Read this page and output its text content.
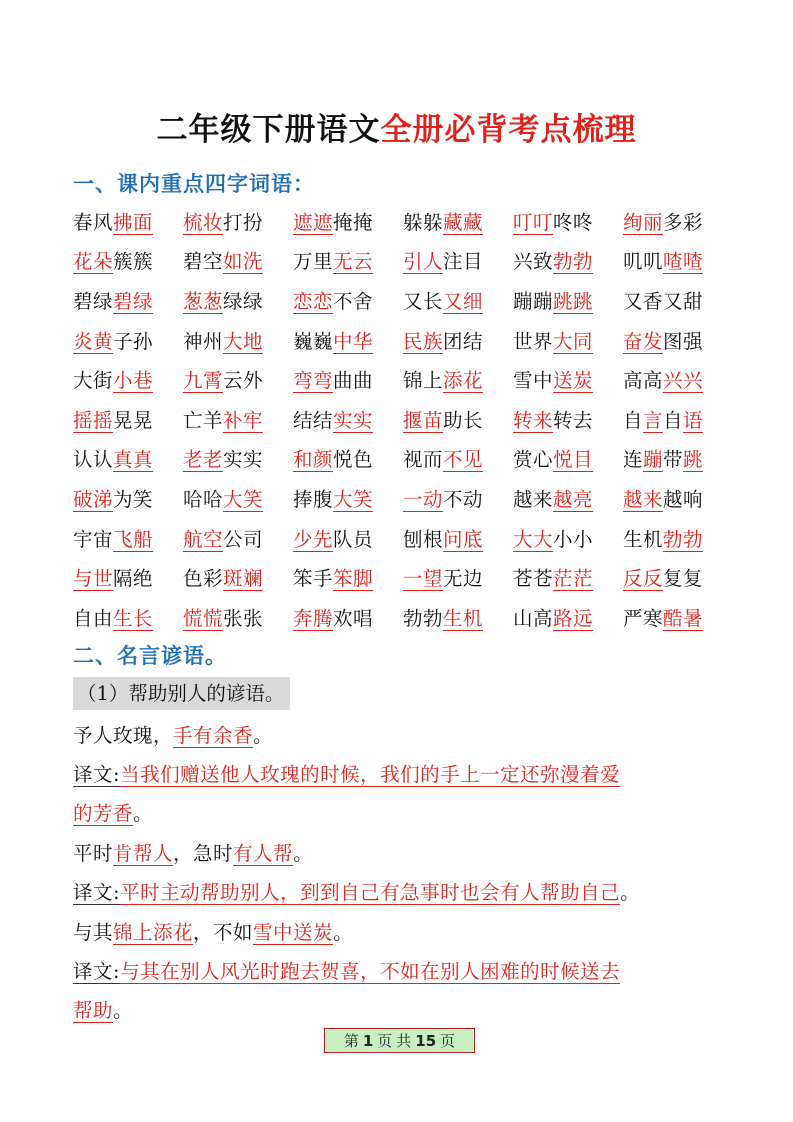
二年级下册语文全册必背考点梳理
一、课内重点四字词语：
春风拂面	梳妆打扮	遮遮掩掩	躲躲藏藏	叮叮咚咚	绚丽多彩
花朵簇簇	碧空如洗	万里无云	引人注目	兴致勃勃	叽叽喳喳
碧绿碧绿	葱葱绿绿	恋恋不舍	又长又细	蹦蹦跳跳	又香又甜
炎黄子孙	神州大地	巍巍中华	民族团结	世界大同	奋发图强
大街小巷	九霄云外	弯弯曲曲	锦上添花	雪中送炭	高高兴兴
摇摇晃晃	亡羊补牢	结结实实	揠苗助长	转来转去	自言自语
认认真真	老老实实	和颜悦色	视而不见	赏心悦目	连蹦带跳
破涕为笑	哈哈大笑	捧腹大笑	一动不动	越来越亮	越来越响
宇宙飞船	航空公司	少先队员	刨根问底	大大小小	生机勃勃
与世隔绝	色彩斑斓	笨手笨脚	一望无边	苍苍茫茫	反反复复
自由生长	慌慌张张	奔腾欢唱	勃勃生机	山高路远	严寒酷暑
二、名言谚语。
（1）帮助别人的谚语。
予人玫瑰，手有余香。
译文:当我们赠送他人玫瑰的时候，我们的手上一定还弥漫着爱
的芳香。
平时肯帮人，急时有人帮。
译文:平时主动帮助别人，到到自己有急事时也会有人帮助自己。
与其锦上添花，不如雪中送炭。
译文:与其在别人风光时跑去贺喜，不如在别人困难的时候送去
帮助。
第 1 页 共 15 页
